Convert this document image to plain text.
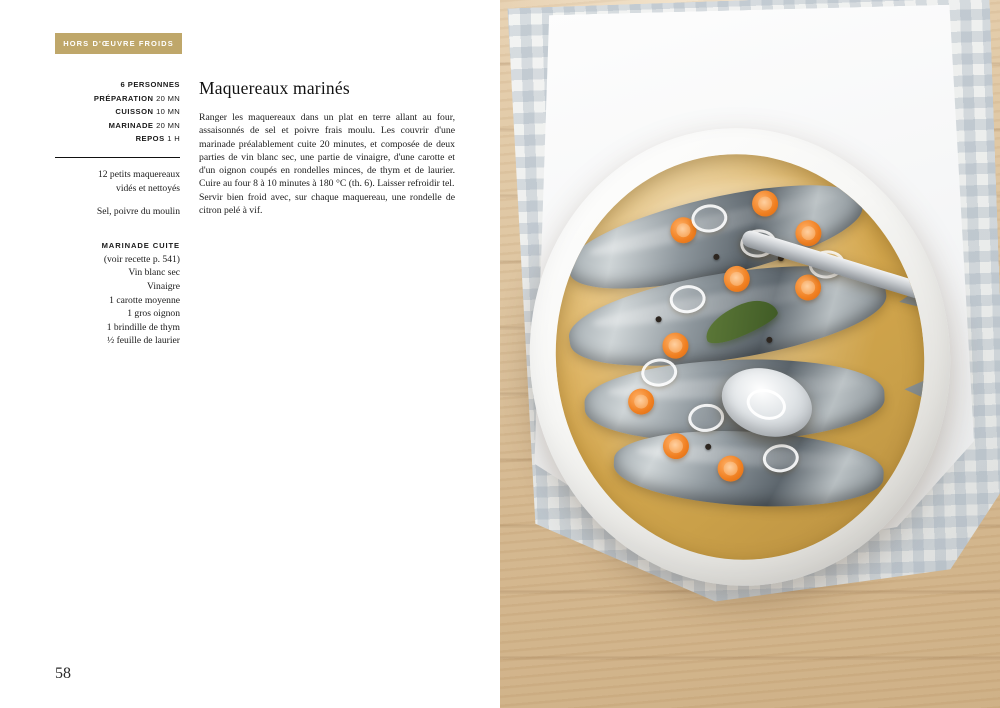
HORS D'ŒUVRE FROIDS
6 PERSONNES
PRÉPARATION 20 MN
CUISSON 10 MN
MARINADE 20 MN
REPOS 1 H
12 petits maquereaux
vidés et nettoyés
Sel, poivre du moulin
MARINADE CUITE
(voir recette p. 541)
Vin blanc sec
Vinaigre
1 carotte moyenne
1 gros oignon
1 brindille de thym
½ feuille de laurier
Maquereaux marinés

Ranger les maquereaux dans un plat en terre allant au four, assaisonnés de sel et poivre frais moulu. Les couvrir d'une marinade préalablement cuite 20 minutes, et composée de deux parties de vin blanc sec, une partie de vinaigre, d'une carotte et d'un oignon coupés en rondelles minces, de thym et de laurier. Cuire au four 8 à 10 minutes à 180 °C (th. 6). Laisser refroidir tel.

Servir bien froid avec, sur chaque maquereau, une rondelle de citron pelé à vif.

58
